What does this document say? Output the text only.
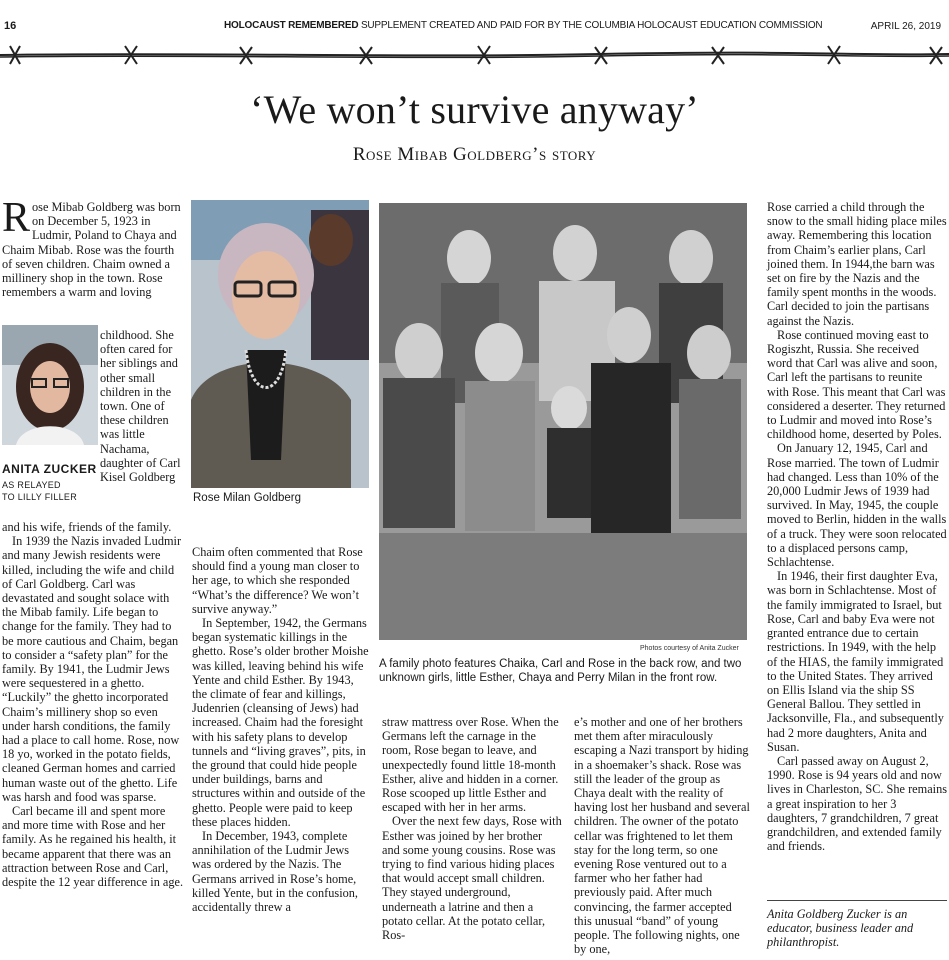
16	HOLOCAUST REMEMBERED SUPPLEMENT CREATED AND PAID FOR BY THE COLUMBIA HOLOCAUST EDUCATION COMMISSION	APRIL 26, 2019
‘We won’t survive anyway’
Rose Mibab Goldberg’s story

Rose Mibab Goldberg was born on December 5, 1923 in Ludmir, Poland to Chaya and Chaim Mibab. Rose was the fourth of seven children. Chaim owned a millinery shop in the town. Rose remembers a warm and loving

ANITA ZUCKER
AS RELAYED
TO LILLY FILLER

childhood. She often cared for her siblings and other small children in the town. One of these children was little Nachama, daughter of Carl Kisel Goldberg

and his wife, friends of the family.

In 1939 the Nazis invaded Ludmir and many Jewish residents were killed, including the wife and child of Carl Goldberg. Carl was devastated and sought solace with the Mibab family. Life began to change for the family. They had to be more cautious and Chaim, began to consider a “safety plan” for the family. By 1941, the Ludmir Jews were sequestered in a ghetto. “Luckily” the ghetto incorporated Chaim’s millinery shop so even under harsh conditions, the family had a place to call home. Rose, now 18 yo, worked in the potato fields, cleaned German homes and carried human waste out of the ghetto. Life was harsh and food was sparse.

Carl became ill and spent more and more time with Rose and her family. As he regained his health, it became apparent that there was an attraction between Rose and Carl, despite the 12 year difference in age.

Rose Milan Goldberg

Chaim often commented that Rose should find a young man closer to her age, to which she responded “What’s the difference? We won’t survive anyway.”

In September, 1942, the Germans began systematic killings in the ghetto. Rose’s older brother Moishe was killed, leaving behind his wife Yente and child Esther. By 1943, the climate of fear and killings, Judenrien (cleansing of Jews) had increased. Chaim had the foresight with his safety plans to develop tunnels and “living graves”, pits, in the ground that could hide people under buildings, barns and structures within and outside of the ghetto. People were paid to keep these places hidden.

In December, 1943, complete annihilation of the Ludmir Jews was ordered by the Nazis. The Germans arrived in Rose’s home, killed Yente, but in the confusion, accidentally threw a

Photos courtesy of Anita Zucker
A family photo features Chaika, Carl and Rose in the back row, and two unknown girls, little Esther, Chaya and Perry Milan in the front row.

straw mattress over Rose. When the Germans left the carnage in the room, Rose began to leave, and unexpectedly found little 18-month Esther, alive and hidden in a corner. Rose scooped up little Esther and escaped with her in her arms.

Over the next few days, Rose with Esther was joined by her brother and some young cousins. Rose was trying to find various hiding places that would accept small children. They stayed underground, underneath a latrine and then a potato cellar. At the potato cellar, Ros-

e’s mother and one of her brothers met them after miraculously escaping a Nazi transport by hiding in a shoemaker’s shack. Rose was still the leader of the group as Chaya dealt with the reality of having lost her husband and several children. The owner of the potato cellar was frightened to let them stay for the long term, so one evening Rose ventured out to a farmer who her father had previously paid. After much convincing, the farmer accepted this unusual “band” of young people. The following nights, one by one,

Rose carried a child through the snow to the small hiding place miles away. Remembering this location from Chaim’s earlier plans, Carl joined them. In 1944,the barn was set on fire by the Nazis and the family spent months in the woods. Carl decided to join the partisans against the Nazis.

Rose continued moving east to Rogiszht, Russia. She received word that Carl was alive and soon, Carl left the partisans to reunite with Rose. This meant that Carl was considered a deserter. They returned to Ludmir and moved into Rose’s childhood home, deserted by Poles.

On January 12, 1945, Carl and Rose married. The town of Ludmir had changed. Less than 10% of the 20,000 Ludmir Jews of 1939 had survived. In May, 1945, the couple moved to Berlin, hidden in the walls of a truck. They were soon relocated to a displaced persons camp, Schlachtense.

In 1946, their first daughter Eva, was born in Schlachtense. Most of the family immigrated to Israel, but Rose, Carl and baby Eva were not granted entrance due to certain restrictions. In 1949, with the help of the HIAS, the family immigrated to the United States. They arrived on Ellis Island via the ship SS General Ballou. They settled in Jacksonville, Fla., and subsequently had 2 more daughters, Anita and Susan.

Carl passed away on August 2, 1990. Rose is 94 years old and now lives in Charleston, SC. She remains a great inspiration to her 3 daughters, 7 grandchildren, 7 great grandchildren, and extended family and friends.

Anita Goldberg Zucker is an educator, business leader and philanthropist.
